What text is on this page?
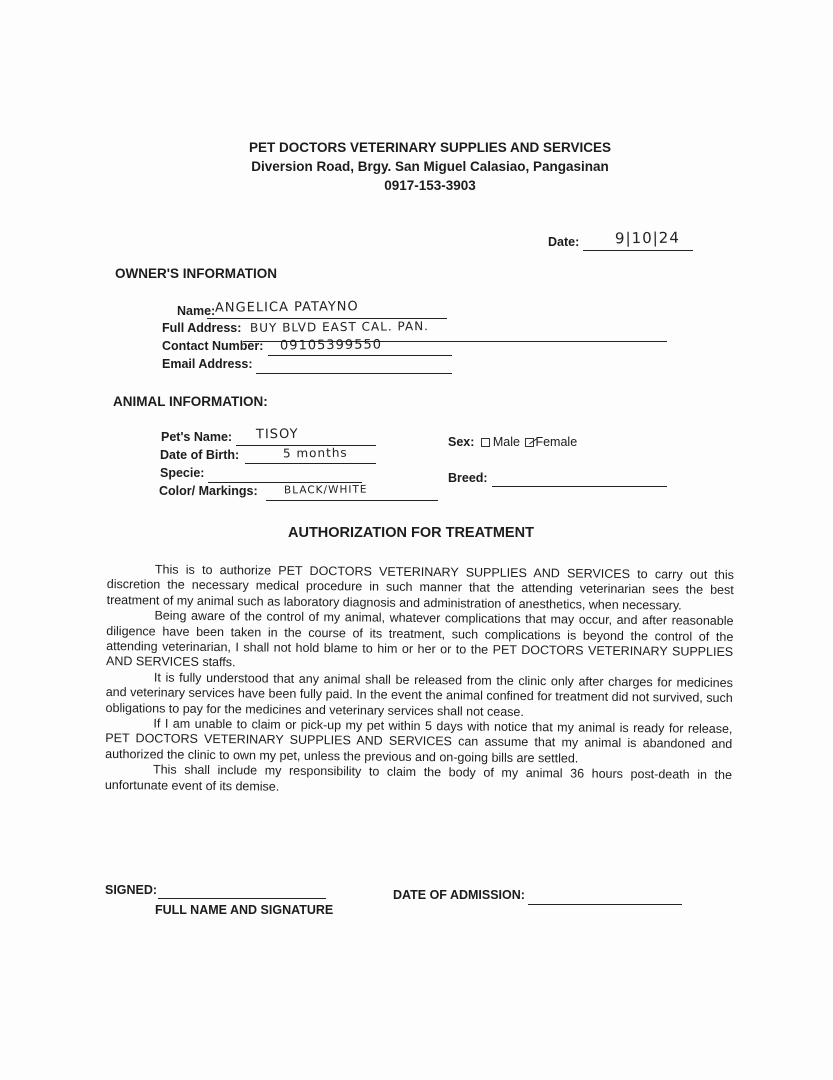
PET DOCTORS VETERINARY SUPPLIES AND SERVICES
Diversion Road, Brgy. San Miguel Calasiao, Pangasinan
0917-153-3903
Date: 9|10|24
OWNER'S INFORMATION
Name: ANGELICA PATAYNO
Full Address: BUY BLVD EAST CAL. PAN.
Contact Number: 09105399550
Email Address:
ANIMAL INFORMATION:
Pet's Name: TISOY
Date of Birth:	5 months
Specie:
Color/ Markings:	BLACK/WHITE
Sex: Male Female
Breed:
AUTHORIZATION FOR TREATMENT

This is to authorize PET DOCTORS VETERINARY SUPPLIES AND SERVICES to carry out this discretion the necessary medical procedure in such manner that the attending veterinarian sees the best treatment of my animal such as laboratory diagnosis and administration of anesthetics, when necessary.

Being aware of the control of my animal, whatever complications that may occur, and after reasonable diligence have been taken in the course of its treatment, such complications is beyond the control of the attending veterinarian, I shall not hold blame to him or her or to the PET DOCTORS VETERINARY SUPPLIES AND SERVICES staffs.

It is fully understood that any animal shall be released from the clinic only after charges for medicines and veterinary services have been fully paid. In the event the animal confined for treatment did not survived, such obligations to pay for the medicines and veterinary services shall not cease.

If I am unable to claim or pick-up my pet within 5 days with notice that my animal is ready for release, PET DOCTORS VETERINARY SUPPLIES AND SERVICES can assume that my animal is abandoned and authorized the clinic to own my pet, unless the previous and on-going bills are settled.

This shall include my responsibility to claim the body of my animal 36 hours post-death in the unfortunate event of its demise.

SIGNED:
FULL NAME AND SIGNATURE
DATE OF ADMISSION:
